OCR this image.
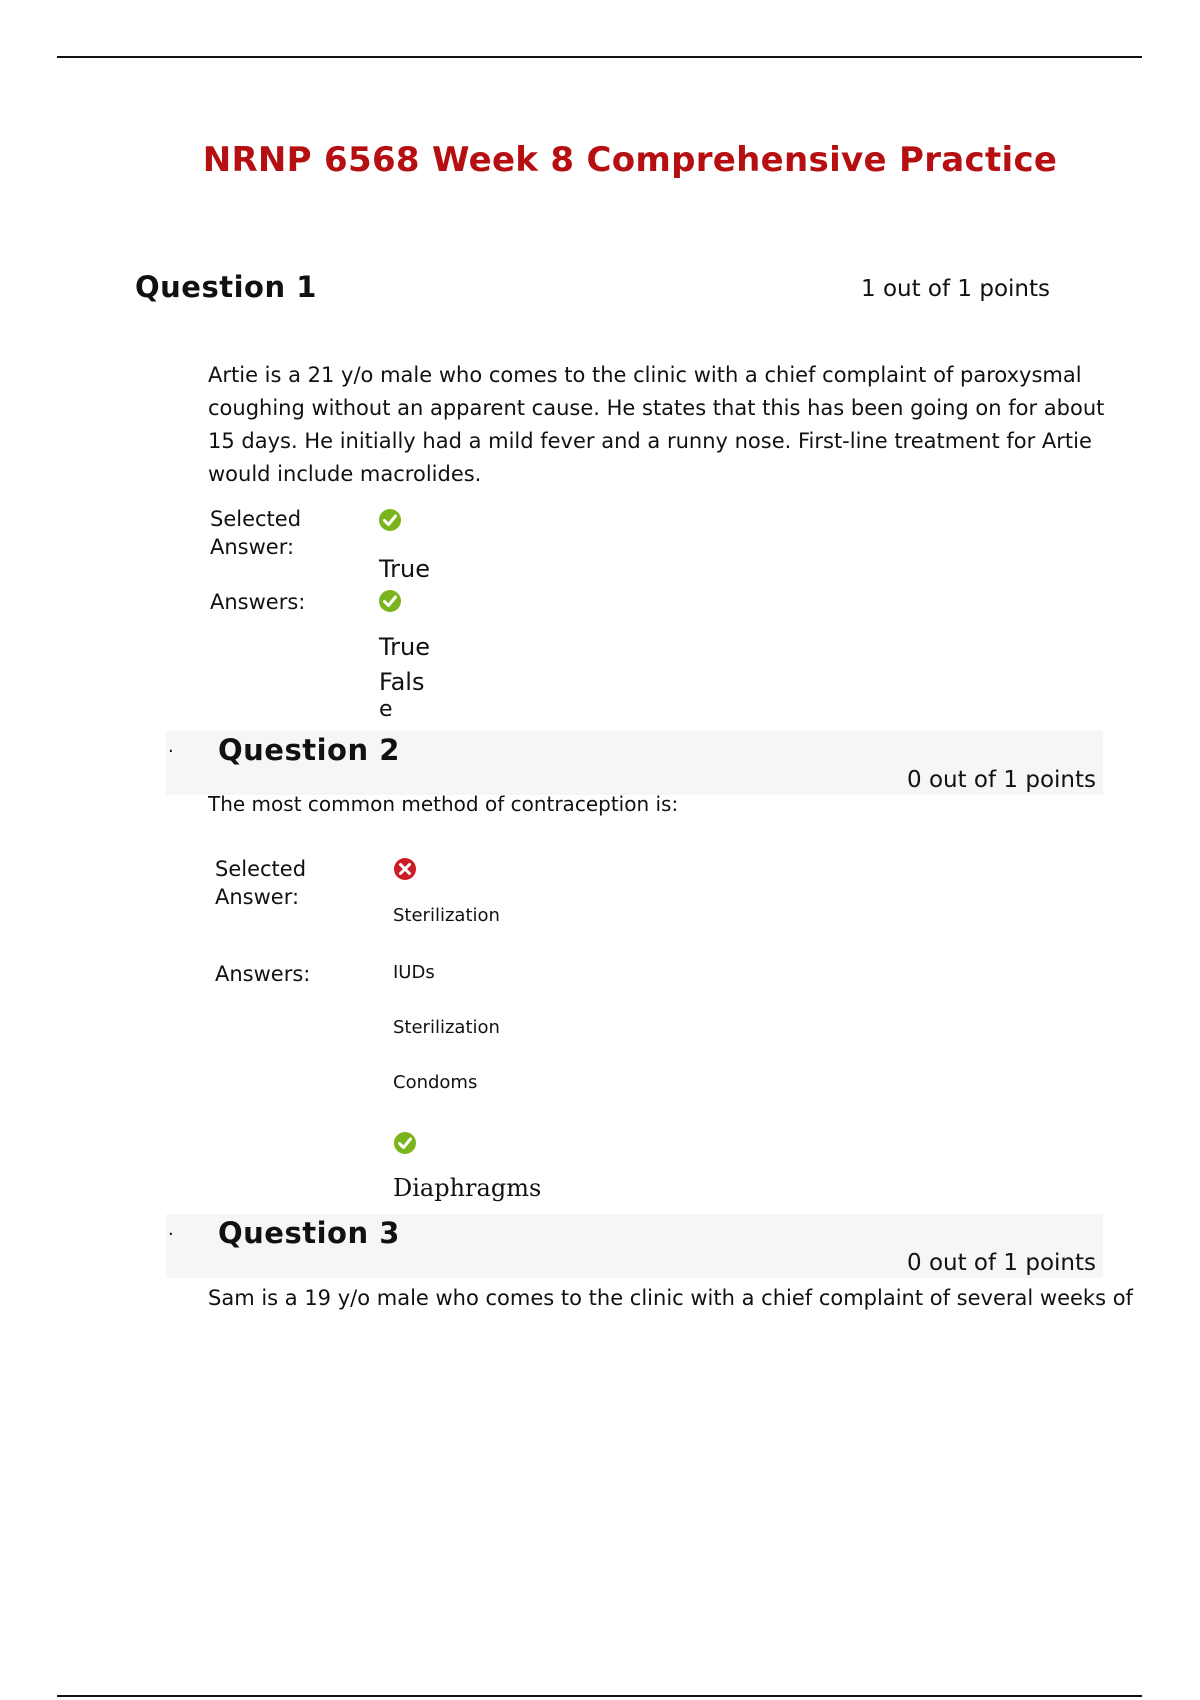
NRNP 6568 Week 8 Comprehensive Practice
Question 1	1 out of 1 points
Artie is a 21 y/o male who comes to the clinic with a chief complaint of paroxysmal coughing without an apparent cause. He states that this has been going on for about 15 days. He initially had a mild fever and a runny nose. First-line treatment for Artie would include macrolides.
Selected
Answer:
True
Answers:
True
Fals
e
· Question 2
0 out of 1 points
The most common method of contraception is:
Selected
Answer:
Sterilization
Answers:	IUDs
Sterilization
Condoms
Diaphragms
· Question 3
0 out of 1 points
Sam is a 19 y/o male who comes to the clinic with a chief complaint of several weeks of
